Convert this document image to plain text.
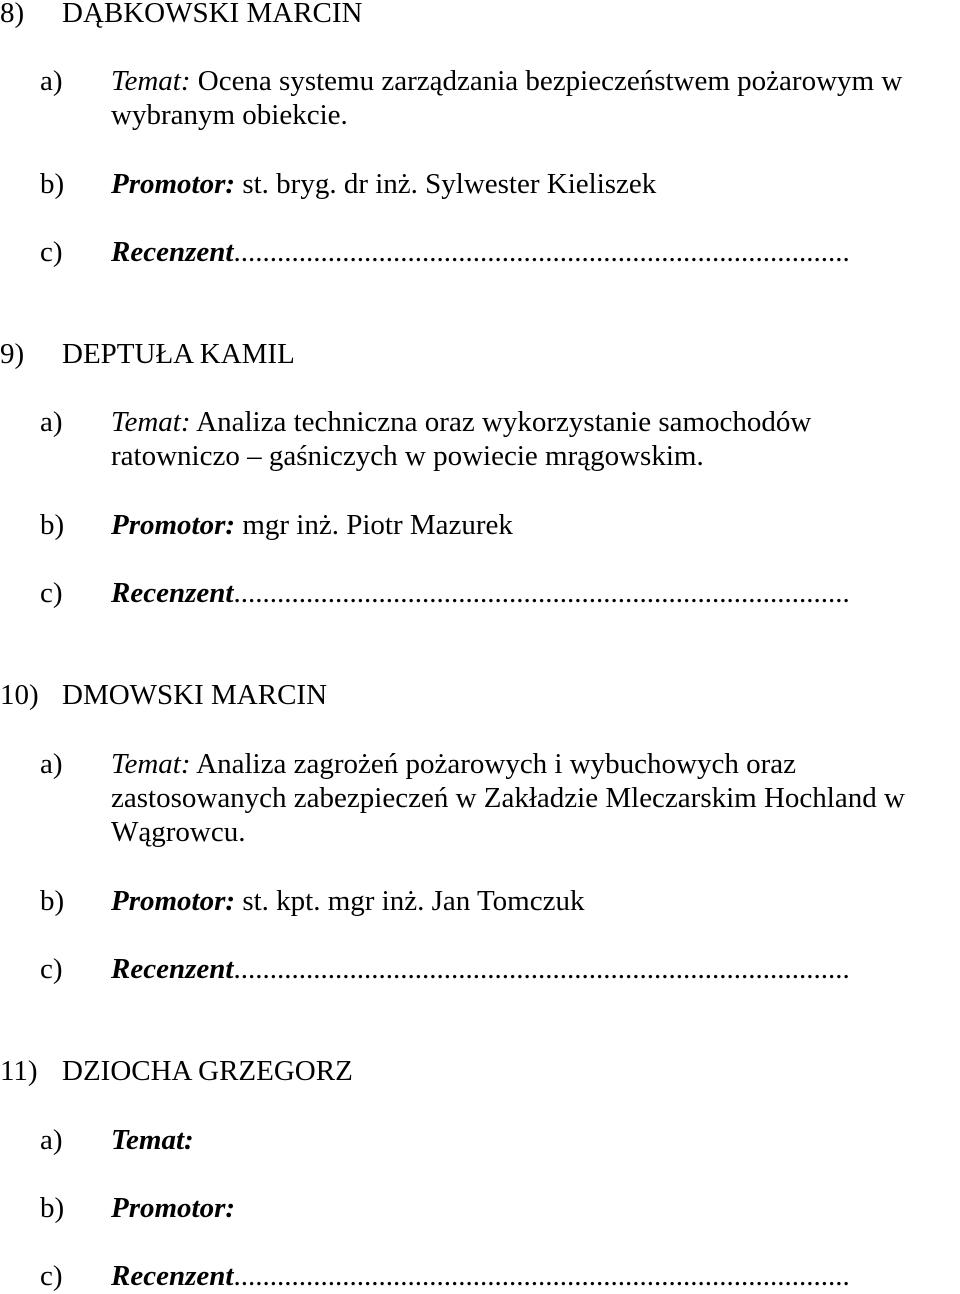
8) DĄBKOWSKI MARCIN
a) Temat: Ocena systemu zarządzania bezpieczeństwem pożarowym w
wybranym obiekcie.
b) Promotor: st. bryg. dr inż. Sylwester Kieliszek
c) Recenzent.....................................................................................
9) DEPTUŁA KAMIL
a) Temat: Analiza techniczna oraz wykorzystanie samochodów
ratowniczo – gaśniczych w powiecie mrągowskim.
b) Promotor: mgr inż. Piotr Mazurek
c) Recenzent.....................................................................................
10) DMOWSKI MARCIN
a) Temat: Analiza zagrożeń pożarowych i wybuchowych oraz
zastosowanych zabezpieczeń w Zakładzie Mleczarskim Hochland w
Wągrowcu.
b) Promotor: st. kpt. mgr inż. Jan Tomczuk
c) Recenzent.....................................................................................
11) DZIOCHA GRZEGORZ
a) Temat:
b) Promotor:
c) Recenzent.....................................................................................
